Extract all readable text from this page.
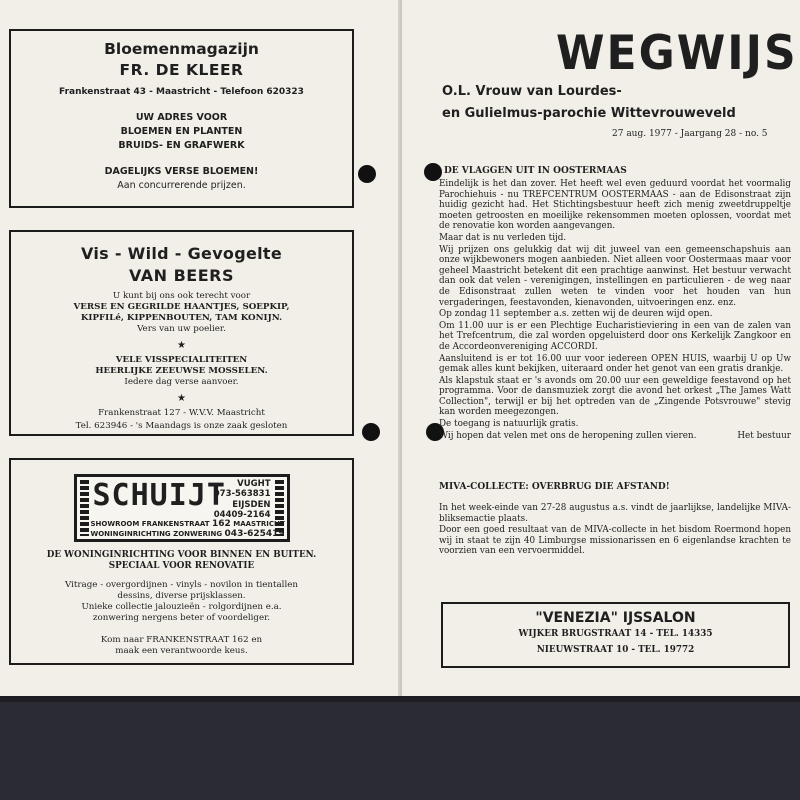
Bloemenmagazijn
FR. DE KLEER
Frankenstraat 43 - Maastricht - Telefoon 620323
UW ADRES VOOR
BLOEMEN EN PLANTEN
BRUIDS- EN GRAFWERK
DAGELIJKS VERSE BLOEMEN!
Aan concurrerende prijzen.
Vis - Wild - Gevogelte
VAN BEERS
U kunt bij ons ook terecht voor
VERSE EN GEGRILDE HAANTJES, SOEPKIP,
KIPFILé, KIPPENBOUTEN, TAM KONIJN.
Vers van uw poelier.
★
VELE VISSPECIALITEITEN
HEERLIJKE ZEEUWSE MOSSELEN.
Iedere dag verse aanvoer.
★
Frankenstraat 127 - W.V.V. Maastricht
Tel. 623946 - 's Maandags is onze zaak gesloten
SCHUIJT	VUGHT
073-563831
EIJSDEN
04409-2164
SHOWROOM FRANKENSTRAAT 162 MAASTRICHT
WONINGINRICHTING ZONWERING 043-625419
DE WONINGINRICHTING VOOR BINNEN EN BUITEN.
SPECIAAL VOOR RENOVATIE
Vitrage - overgordijnen - vinyls - novilon in tientallen
dessins, diverse prijsklassen.
Unieke collectie jalouzieën - rolgordijnen e.a.
zonwering nergens beter of voordeliger.
Kom naar FRANKENSTRAAT 162 en
maak een verantwoorde keus.
WEGWIJS
O.L. Vrouw van Lourdes-
en Gulielmus-parochie Wittevrouweveld
27 aug. 1977 - Jaargang 28 - no. 5
DE VLAGGEN UIT IN OOSTERMAAS

Eindelijk is het dan zover. Het heeft wel even geduurd voordat het voormalig Parochiehuis - nu TREFCENTRUM OOSTERMAAS - aan de Edisonstraat zijn huidig gezicht had. Het Stichtingsbestuur heeft zich menig zweetdruppeltje moeten getroosten en moeilijke rekensommen moeten oplossen, voordat met de renovatie kon worden aangevangen.

Maar dat is nu verleden tijd.

Wij prijzen ons gelukkig dat wij dit juweel van een gemeenschapshuis aan onze wijkbewoners mogen aanbieden. Niet alleen voor Oostermaas maar voor geheel Maastricht betekent dit een prachtige aanwinst. Het bestuur verwacht dan ook dat velen - verenigingen, instellingen en particulieren - de weg naar de Edisonstraat zullen weten te vinden voor het houden van hun vergaderingen, feestavonden, kienavonden, uitvoeringen enz. enz.

Op zondag 11 september a.s. zetten wij de deuren wijd open.

Om 11.00 uur is er een Plechtige Eucharistieviering in een van de zalen van het Trefcentrum, die zal worden opgeluisterd door ons Kerkelijk Zangkoor en de Accordeonvereniging ACCORDI.

Aansluitend is er tot 16.00 uur voor iedereen OPEN HUIS, waarbij U op Uw gemak alles kunt bekijken, uiteraard onder het genot van een gratis drankje.

Als klapstuk staat er 's avonds om 20.00 uur een geweldige feestavond op het programma. Voor de dansmuziek zorgt die avond het orkest „The James Watt Collection", terwijl er bij het optreden van de „Zingende Potsvrouwe" stevig kan worden meegezongen.

De toegang is natuurlijk gratis.

Wij hopen dat velen met ons de heropening zullen vieren.	Het bestuur

MIVA-COLLECTE: OVERBRUG DIE AFSTAND!

In het week-einde van 27-28 augustus a.s. vindt de jaarlijkse, landelijke MIVA-bliksemactie plaats.

Door een goed resultaat van de MIVA-collecte in het bisdom Roermond hopen wij in staat te zijn 40 Limburgse missionarissen en 6 eigenlandse krachten te voorzien van een vervoermiddel.

"VENEZIA" IJSSALON
WIJKER BRUGSTRAAT 14 - TEL. 14335
NIEUWSTRAAT 10 - TEL. 19772
